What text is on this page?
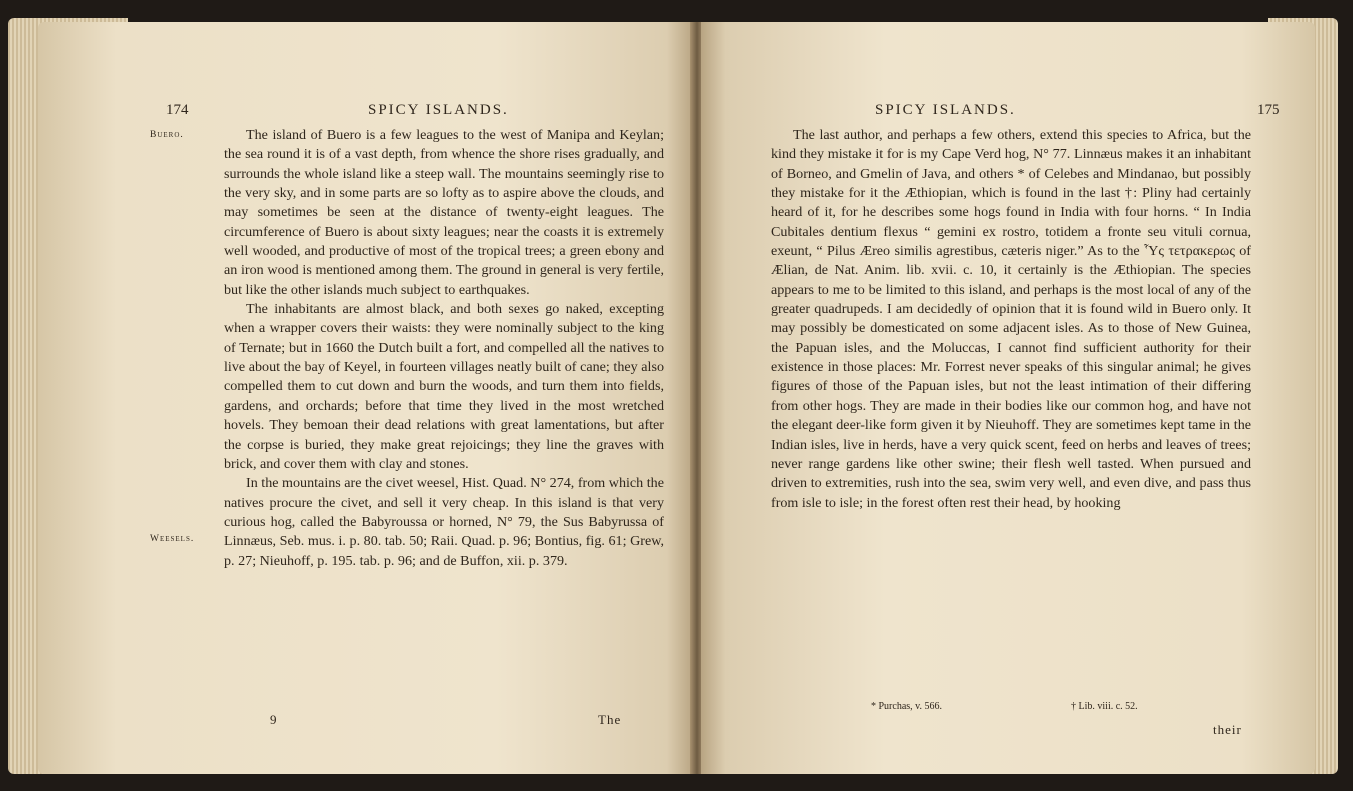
174	SPICY ISLANDS.
Buero.
Weesels.

The island of Buero is a few leagues to the west of Manipa and Keylan; the sea round it is of a vast depth, from whence the shore rises gradually, and surrounds the whole island like a steep wall. The mountains seemingly rise to the very sky, and in some parts are so lofty as to aspire above the clouds, and may sometimes be seen at the distance of twenty-eight leagues. The circumference of Buero is about sixty leagues; near the coasts it is extremely well wooded, and productive of most of the tropical trees; a green ebony and an iron wood is mentioned among them. The ground in general is very fertile, but like the other islands much subject to earthquakes.

The inhabitants are almost black, and both sexes go naked, excepting when a wrapper covers their waists: they were nominally subject to the king of Ternate; but in 1660 the Dutch built a fort, and compelled all the natives to live about the bay of Keyel, in fourteen villages neatly built of cane; they also compelled them to cut down and burn the woods, and turn them into fields, gardens, and orchards; before that time they lived in the most wretched hovels. They bemoan their dead relations with great lamentations, but after the corpse is buried, they make great rejoicings; they line the graves with brick, and cover them with clay and stones.

In the mountains are the civet weesel, Hist. Quad. N° 274, from which the natives procure the civet, and sell it very cheap. In this island is that very curious hog, called the Babyroussa or horned, N° 79, the Sus Babyrussa of Linnæus, Seb. mus. i. p. 80. tab. 50; Raii. Quad. p. 96; Bontius, fig. 61; Grew, p. 27; Nieuhoff, p. 195. tab. p. 96; and de Buffon, xii. p. 379.

9	The
SPICY ISLANDS.	175

The last author, and perhaps a few others, extend this species to Africa, but the kind they mistake it for is my Cape Verd hog, N° 77. Linnæus makes it an inhabitant of Borneo, and Gmelin of Java, and others * of Celebes and Mindanao, but possibly they mistake for it the Æthiopian, which is found in the last †: Pliny had certainly heard of it, for he describes some hogs found in India with four horns. “ In India Cubitales dentium flexus “ gemini ex rostro, totidem a fronte seu vituli cornua, exeunt, “ Pilus Æreo similis agrestibus, cæteris niger.” As to the Ὗς τετρακερως of Ælian, de Nat. Anim. lib. xvii. c. 10, it certainly is the Æthiopian. The species appears to me to be limited to this island, and perhaps is the most local of any of the greater quadrupeds. I am decidedly of opinion that it is found wild in Buero only. It may possibly be domesticated on some adjacent isles. As to those of New Guinea, the Papuan isles, and the Moluccas, I cannot find sufficient authority for their existence in those places: Mr. Forrest never speaks of this singular animal; he gives figures of those of the Papuan isles, but not the least intimation of their differing from other hogs. They are made in their bodies like our common hog, and have not the elegant deer-like form given it by Nieuhoff. They are sometimes kept tame in the Indian isles, live in herds, have a very quick scent, feed on herbs and leaves of trees; never range gardens like other swine; their flesh well tasted. When pursued and driven to extremities, rush into the sea, swim very well, and even dive, and pass thus from isle to isle; in the forest often rest their head, by hooking

* Purchas, v. 566.	† Lib. viii. c. 52.
their
